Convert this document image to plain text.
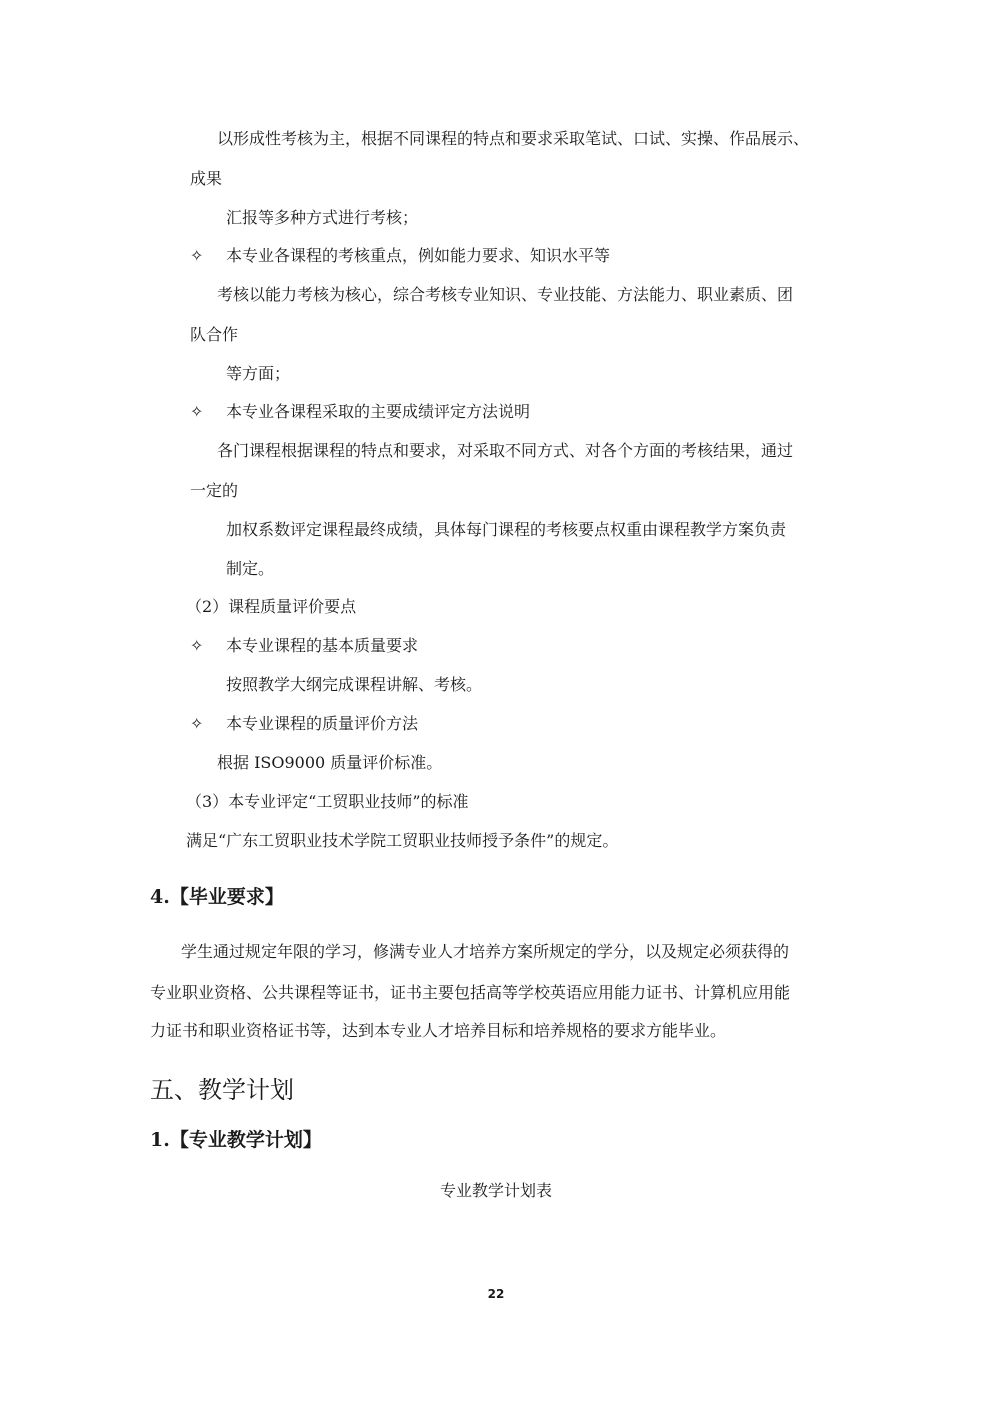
以形成性考核为主，根据不同课程的特点和要求采取笔试、口试、实操、作品展示、
成果
汇报等多种方式进行考核；
✧ 本专业各课程的考核重点，例如能力要求、知识水平等
考核以能力考核为核心，综合考核专业知识、专业技能、方法能力、职业素质、团
队合作
等方面；
✧ 本专业各课程采取的主要成绩评定方法说明
各门课程根据课程的特点和要求，对采取不同方式、对各个方面的考核结果，通过
一定的
加权系数评定课程最终成绩，具体每门课程的考核要点权重由课程教学方案负责
制定。
（2）课程质量评价要点
✧ 本专业课程的基本质量要求
按照教学大纲完成课程讲解、考核。
✧ 本专业课程的质量评价方法
根据 ISO9000 质量评价标准。
（3）本专业评定“工贸职业技师”的标准
满足“广东工贸职业技术学院工贸职业技师授予条件”的规定。
4.【毕业要求】
学生通过规定年限的学习，修满专业人才培养方案所规定的学分，以及规定必须获得的
专业职业资格、公共课程等证书，证书主要包括高等学校英语应用能力证书、计算机应用能
力证书和职业资格证书等，达到本专业人才培养目标和培养规格的要求方能毕业。
五、教学计划
1.【专业教学计划】
专业教学计划表
22
